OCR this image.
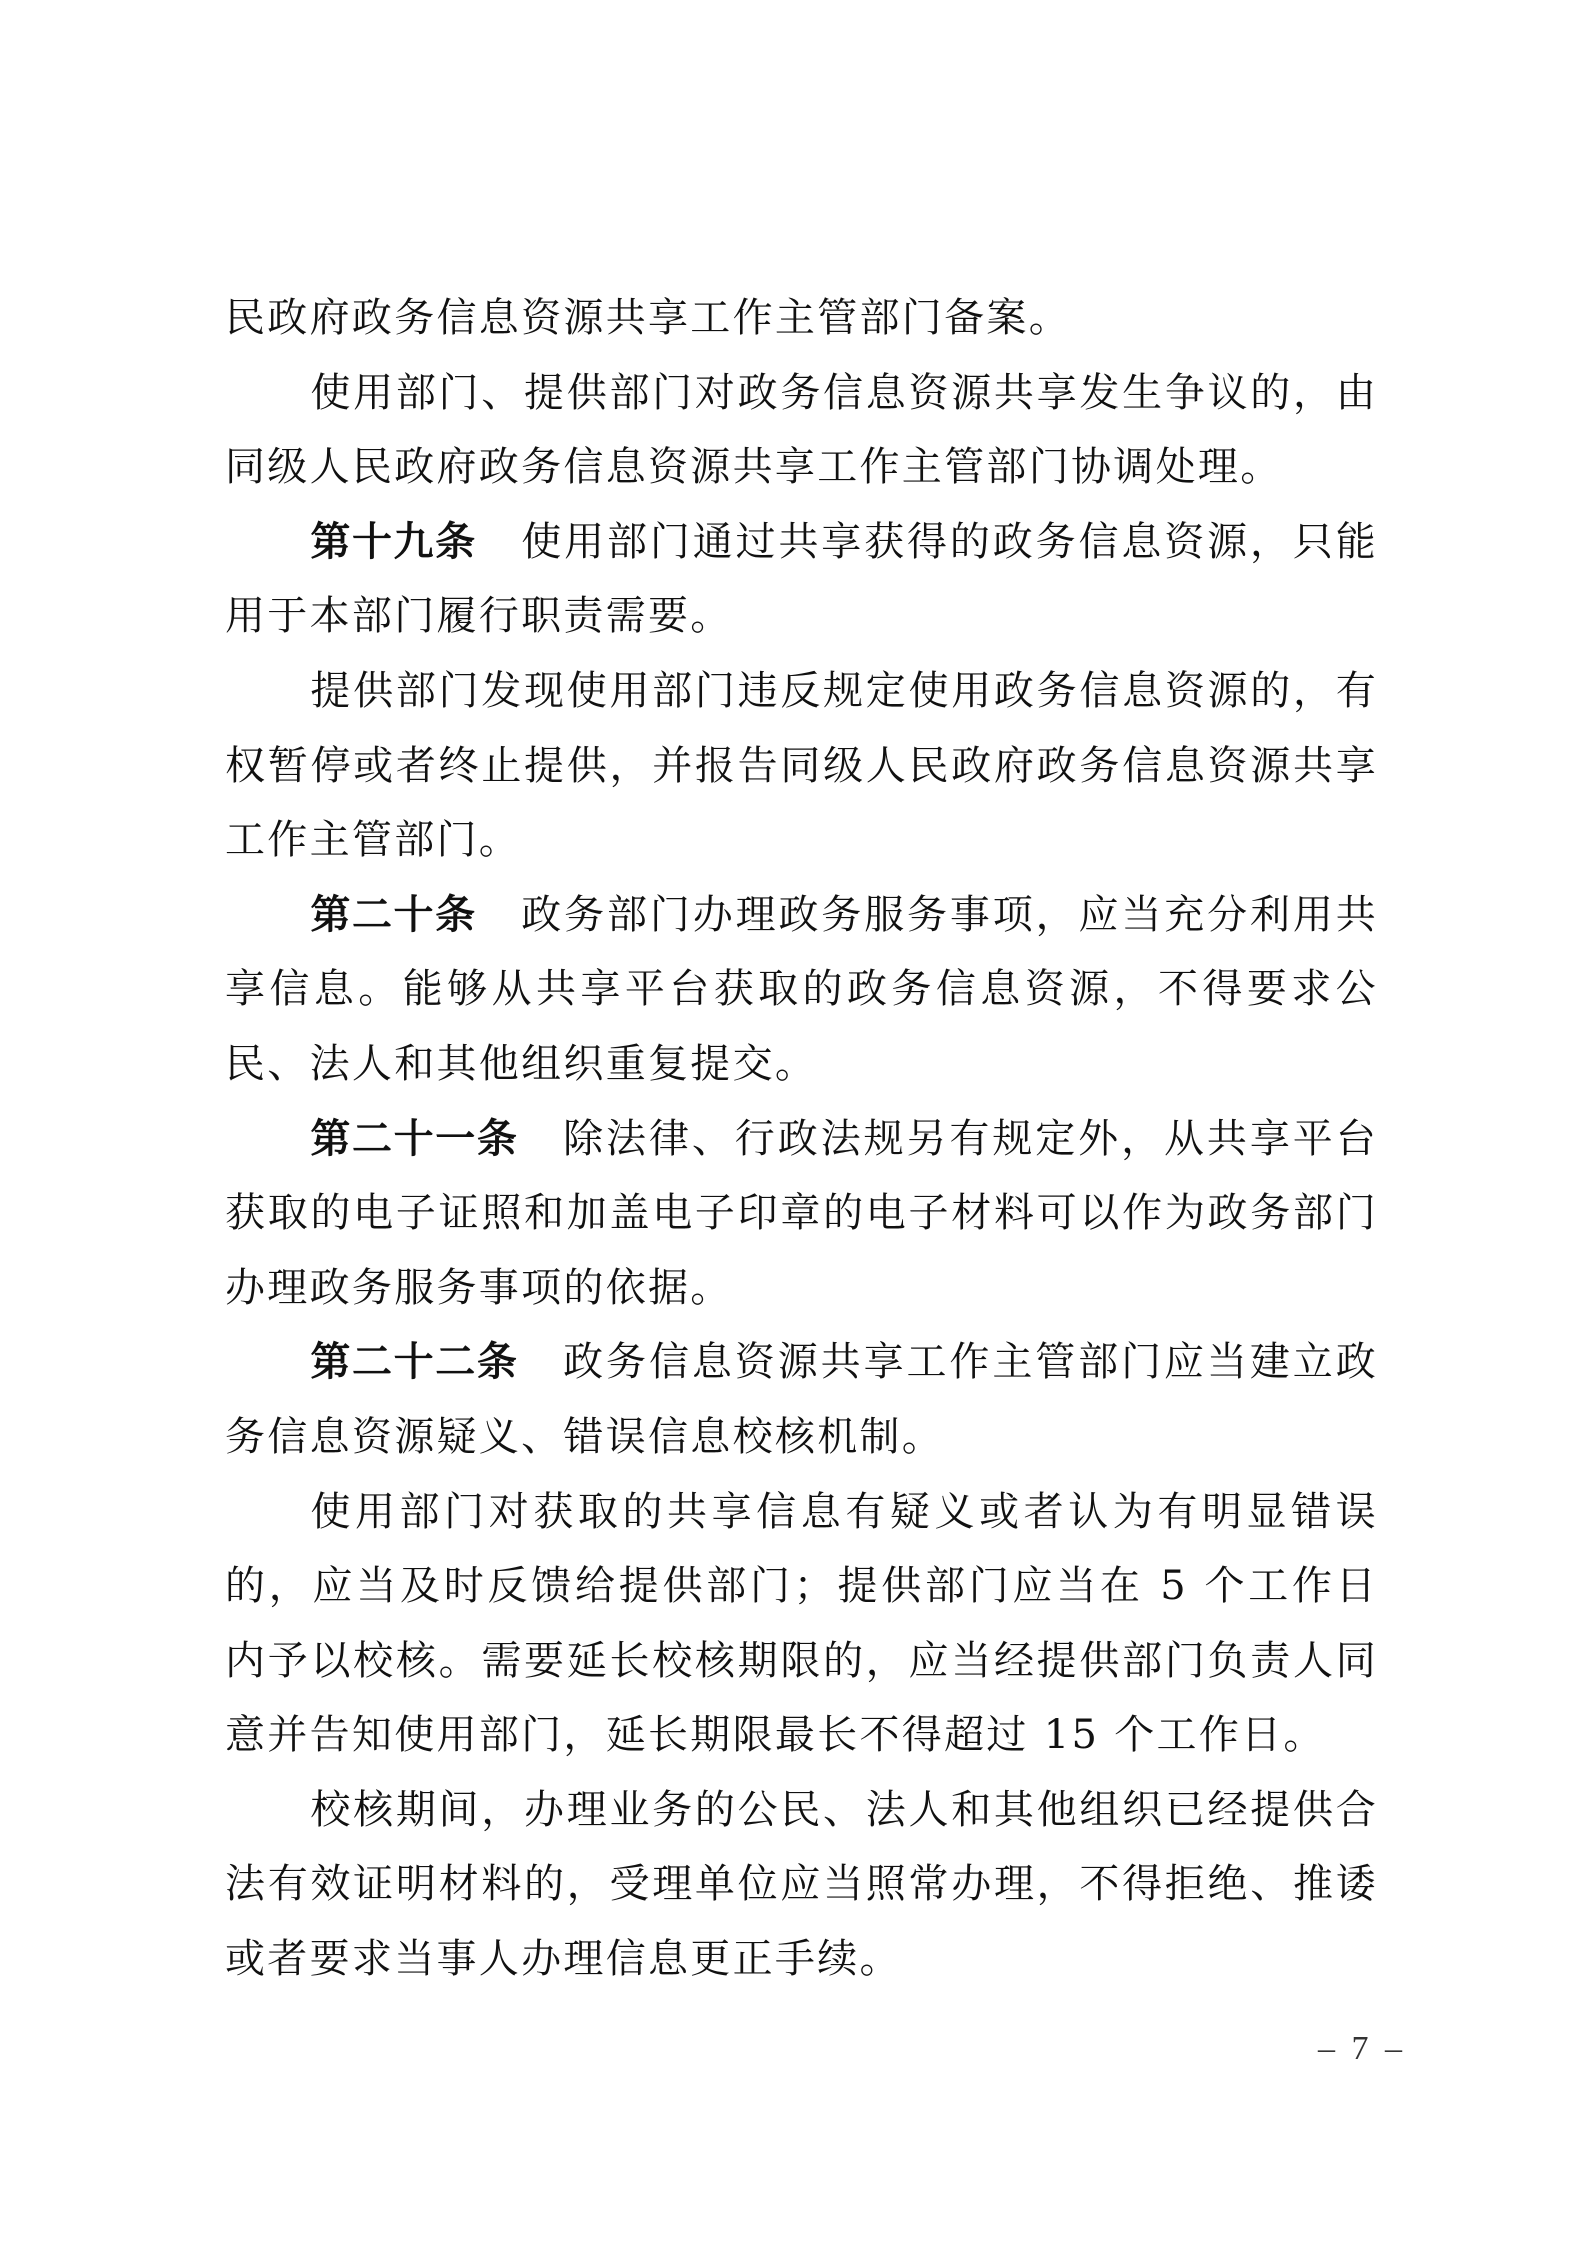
民政府政务信息资源共享工作主管部门备案。

使用部门、提供部门对政务信息资源共享发生争议的，由同级人民政府政务信息资源共享工作主管部门协调处理。

第十九条 使用部门通过共享获得的政务信息资源，只能用于本部门履行职责需要。

提供部门发现使用部门违反规定使用政务信息资源的，有权暂停或者终止提供，并报告同级人民政府政务信息资源共享工作主管部门。

第二十条 政务部门办理政务服务事项，应当充分利用共享信息。能够从共享平台获取的政务信息资源，不得要求公民、法人和其他组织重复提交。

第二十一条 除法律、行政法规另有规定外，从共享平台获取的电子证照和加盖电子印章的电子材料可以作为政务部门办理政务服务事项的依据。

第二十二条 政务信息资源共享工作主管部门应当建立政务信息资源疑义、错误信息校核机制。

使用部门对获取的共享信息有疑义或者认为有明显错误的，应当及时反馈给提供部门；提供部门应当在 5 个工作日内予以校核。需要延长校核期限的，应当经提供部门负责人同意并告知使用部门，延长期限最长不得超过 15 个工作日。

校核期间，办理业务的公民、法人和其他组织已经提供合法有效证明材料的，受理单位应当照常办理，不得拒绝、推诿或者要求当事人办理信息更正手续。

– 7 –
